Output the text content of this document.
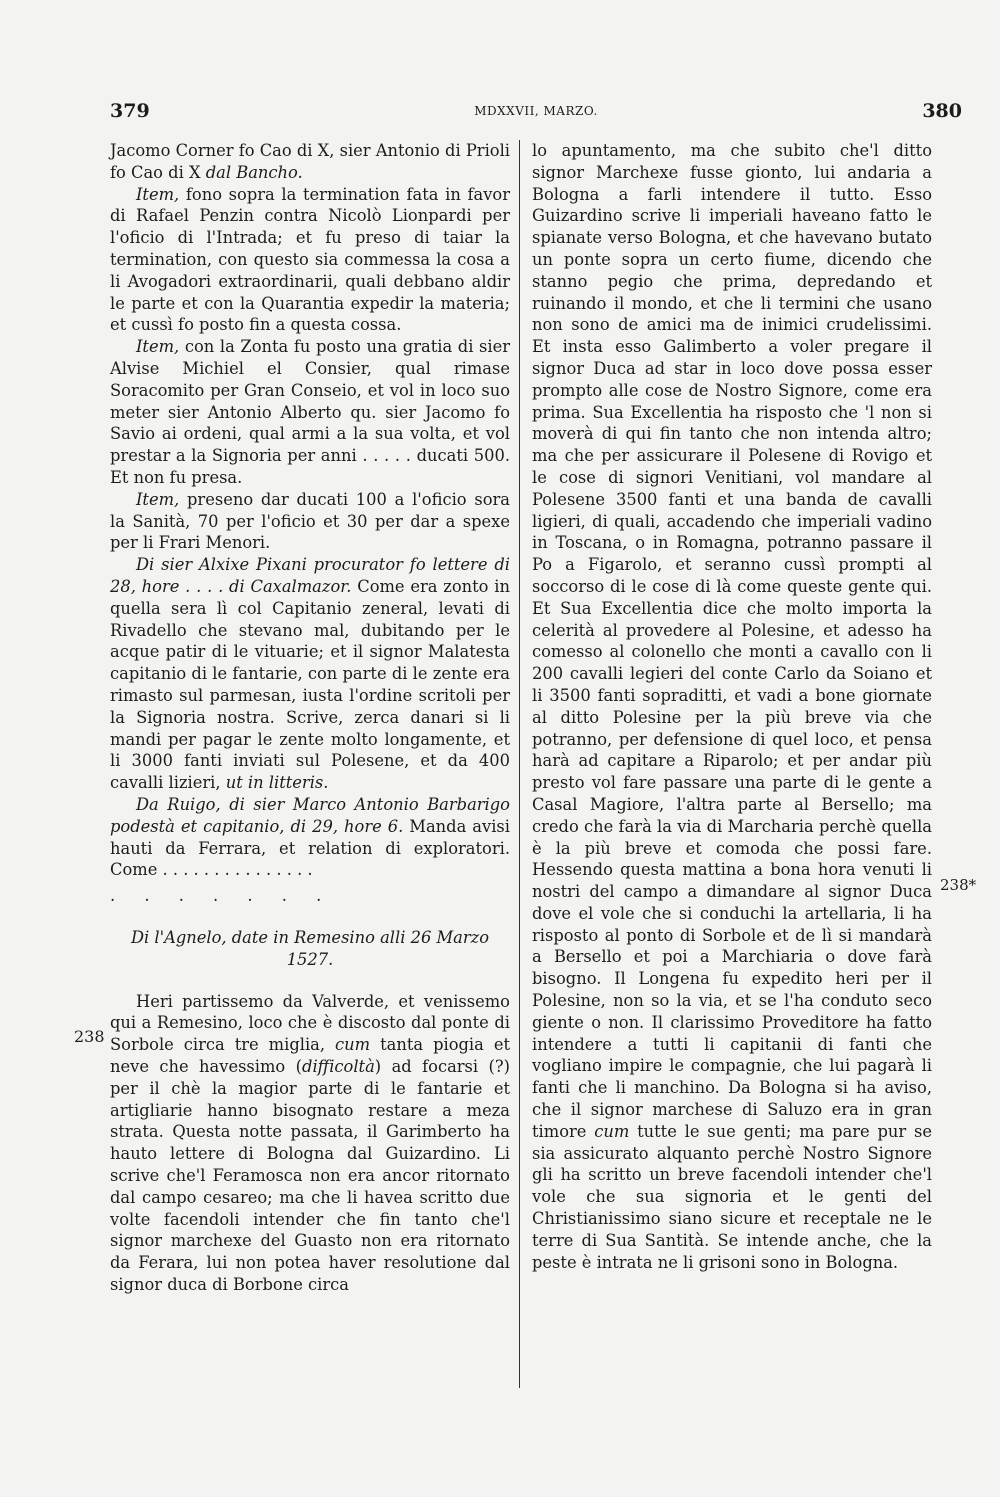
379	MDXXVII, MARZO.	380
238
238*

Jacomo Corner fo Cao di X, sier Antonio di Prioli fo Cao di X dal Bancho.

Item, fono sopra la termination fata in favor di Rafael Penzin contra Nicolò Lionpardi per l'oficio di l'Intrada; et fu preso di taiar la termination, con questo sia commessa la cosa a li Avogadori extraordinarii, quali debbano aldir le parte et con la Quarantia expedir la materia; et cussì fo posto fin a questa cossa.

Item, con la Zonta fu posto una gratia di sier Alvise Michiel el Consier, qual rimase Soracomito per Gran Conseio, et vol in loco suo meter sier Antonio Alberto qu. sier Jacomo fo Savio ai ordeni, qual armi a la sua volta, et vol prestar a la Signoria per anni . . . . . ducati 500. Et non fu presa.

Item, preseno dar ducati 100 a l'oficio sora la Sanità, 70 per l'oficio et 30 per dar a spexe per li Frari Menori.

Di sier Alxixe Pixani procurator fo lettere di 28, hore . . . . di Caxalmazor. Come era zonto in quella sera lì col Capitanio zeneral, levati di Rivadello che stevano mal, dubitando per le acque patir di le vituarie; et il signor Malatesta capitanio di le fantarie, con parte di le zente era rimasto sul parmesan, iusta l'ordine scritoli per la Signoria nostra. Scrive, zerca danari si li mandi per pagar le zente molto longamente, et li 3000 fanti inviati sul Polesene, et da 400 cavalli lizieri, ut in litteris.

Da Ruigo, di sier Marco Antonio Barbarigo podestà et capitanio, di 29, hore 6. Manda avisi hauti da Ferrara, et relation di exploratori. Come . . . . . . . . . . . . . . .

. . . . . . .

Di l'Agnelo, date in Remesino alli 26 Marzo 1527.

Heri partissemo da Valverde, et venissemo qui a Remesino, loco che è discosto dal ponte di Sorbole circa tre miglia, cum tanta piogia et neve che havessimo (difficoltà) ad focarsi (?) per il chè la magior parte di le fantarie et artigliarie hanno bisognato restare a meza strata. Questa notte passata, il Garimberto ha hauto lettere di Bologna dal Guizardino. Li scrive che'l Feramosca non era ancor ritornato dal campo cesareo; ma che li havea scritto due volte facendoli intender che fin tanto che'l signor marchexe del Guasto non era ritornato da Ferara, lui non potea haver resolutione dal signor duca di Borbone circa

lo apuntamento, ma che subito che'l ditto signor Marchexe fusse gionto, lui andaria a Bologna a farli intendere il tutto. Esso Guizardino scrive li imperiali haveano fatto le spianate verso Bologna, et che havevano butato un ponte sopra un certo fiume, dicendo che stanno pegio che prima, depredando et ruinando il mondo, et che li termini che usano non sono de amici ma de inimici crudelissimi. Et insta esso Galimberto a voler pregare il signor Duca ad star in loco dove possa esser prompto alle cose de Nostro Signore, come era prima. Sua Excellentia ha risposto che 'l non si moverà di qui fin tanto che non intenda altro; ma che per assicurare il Polesene di Rovigo et le cose di signori Venitiani, vol mandare al Polesene 3500 fanti et una banda de cavalli ligieri, di quali, accadendo che imperiali vadino in Toscana, o in Romagna, potranno passare il Po a Figarolo, et seranno cussì prompti al soccorso di le cose di là come queste gente qui. Et Sua Excellentia dice che molto importa la celerità al provedere al Polesine, et adesso ha comesso al colonello che monti a cavallo con li 200 cavalli legieri del conte Carlo da Soiano et li 3500 fanti sopraditti, et vadi a bone giornate al ditto Polesine per la più breve via che potranno, per defensione di quel loco, et pensa harà ad capitare a Riparolo; et per andar più presto vol fare passare una parte di le gente a Casal Magiore, l'altra parte al Bersello; ma credo che farà la via di Marcharia perchè quella è la più breve et comoda che possi fare. Hessendo questa mattina a bona hora venuti li nostri del campo a dimandare al signor Duca dove el vole che si conduchi la artellaria, li ha risposto al ponto di Sorbole et de lì si mandarà a Bersello et poi a Marchiaria o dove farà bisogno. Il Longena fu expedito heri per il Polesine, non so la via, et se l'ha conduto seco giente o non. Il clarissimo Proveditore ha fatto intendere a tutti li capitanii di fanti che vogliano impire le compagnie, che lui pagarà li fanti che li manchino. Da Bologna si ha aviso, che il signor marchese di Saluzo era in gran timore cum tutte le sue genti; ma pare pur se sia assicurato alquanto perchè Nostro Signore gli ha scritto un breve facendoli intender che'l vole che sua signoria et le genti del Christianissimo siano sicure et receptale ne le terre di Sua Santità. Se intende anche, che la peste è intrata ne li grisoni sono in Bologna.
